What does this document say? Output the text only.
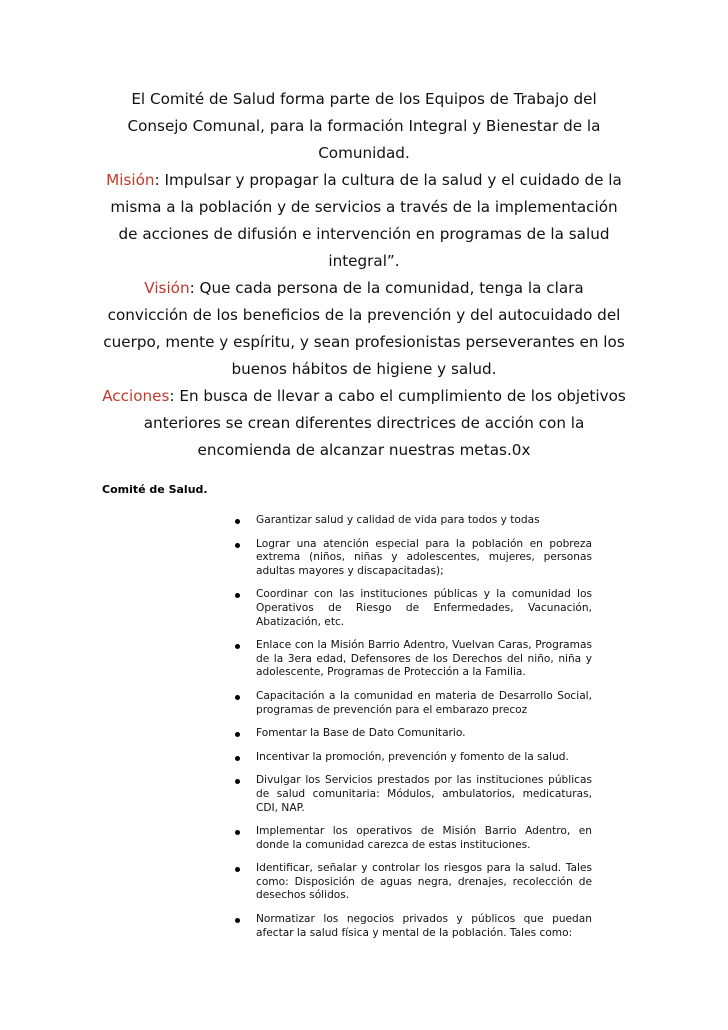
El Comité de Salud forma parte de los Equipos de Trabajo del Consejo Comunal, para la formación Integral y Bienestar de la Comunidad.

Misión: Impulsar y propagar la cultura de la salud y el cuidado de la misma a la población y de servicios a través de la implementación de acciones de difusión e intervención en programas de la salud integral”.

Visión: Que cada persona de la comunidad, tenga la clara convicción de los beneficios de la prevención y del autocuidado del cuerpo, mente y espíritu, y sean profesionistas perseverantes en los buenos hábitos de higiene y salud.

Acciones: En busca de llevar a cabo el cumplimiento de los objetivos anteriores se crean diferentes directrices de acción con la encomienda de alcanzar nuestras metas.0x

Comité de Salud.
Garantizar salud y calidad de vida para todos y todas
Lograr una atención especial para la población en pobreza extrema (niños, niñas y adolescentes, mujeres, personas adultas mayores y discapacitadas);
Coordinar con las instituciones públicas y la comunidad los Operativos de Riesgo de Enfermedades, Vacunación, Abatización, etc.
Enlace con la Misión Barrio Adentro, Vuelvan Caras, Programas de la 3era edad, Defensores de los Derechos del niño, niña y adolescente, Programas de Protección a la Familia.
Capacitación a la comunidad en materia de Desarrollo Social, programas de prevención para el embarazo precoz
Fomentar la Base de Dato Comunitario.
Incentivar la promoción, prevención y fomento de la salud.
Divulgar los Servicios prestados por las instituciones públicas de salud comunitaria: Módulos, ambulatorios, medicaturas, CDI, NAP.
Implementar los operativos de Misión Barrio Adentro, en donde la comunidad carezca de estas instituciones.
Identificar, señalar y controlar los riesgos para la salud. Tales como: Disposición de aguas negra, drenajes, recolección de desechos sólidos.
Normatizar los negocios privados y públicos que puedan afectar la salud física y mental de la población. Tales como:
